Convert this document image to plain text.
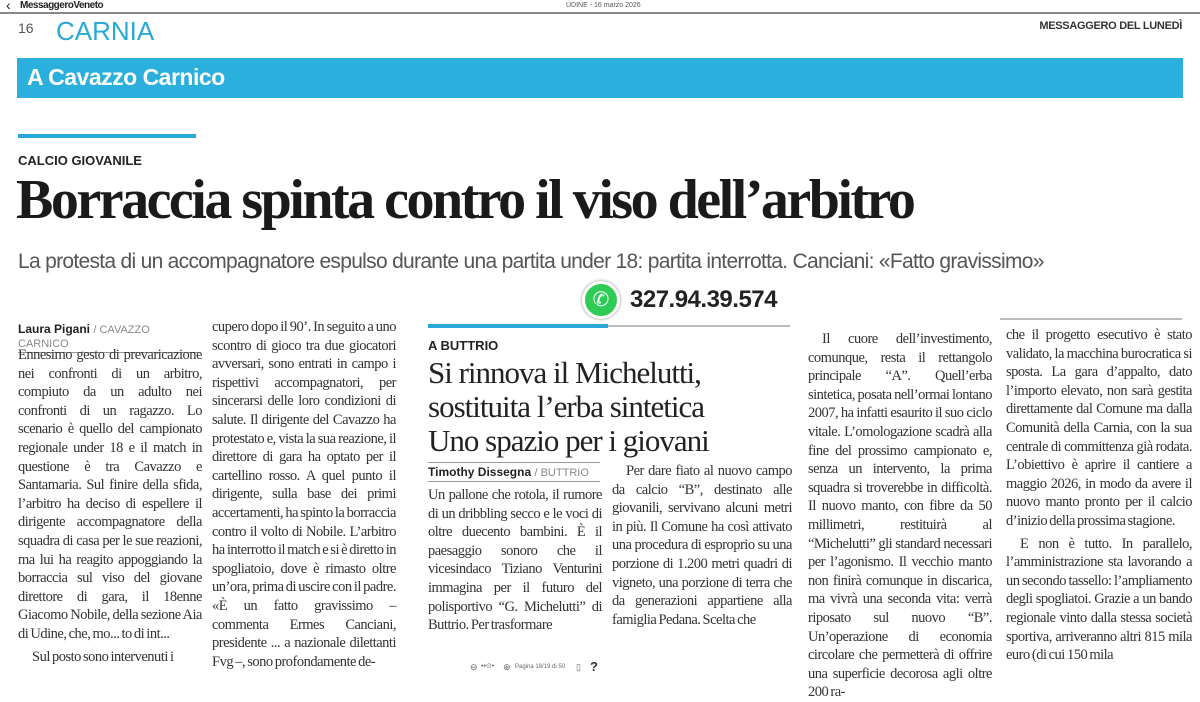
‹ MessaggeroVeneto	UDINE - 16 marzo 2026
16 CARNIA	MESSAGGERO DEL LUNEDÌ
A Cavazzo Carnico
CALCIO GIOVANILE
Borraccia spinta contro il viso dell’arbitro
La protesta di un accompagnatore espulso durante una partita under 18: partita interrotta. Canciani: «Fatto gravissimo»
✆ 327.94.39.574
Laura Pigani / CAVAZZO CARNICO
Ennesimo gesto di prevaricazione nei confronti di un arbitro, compiuto da un adulto nei confronti di un ragazzo. Lo scenario è quello del campionato regionale under 18 e il match in questione è tra Cavazzo e Santamaria. Sul finire della sfida, l’arbitro ha deciso di espellere il dirigente accompagnatore della squadra di casa per le sue reazioni, ma lui ha reagito appoggiando la borraccia sul viso del giovane direttore di gara, il 18enne Giacomo Nobile, della sezione Aia di Udine, che, mo... to di int...
Sul posto sono intervenuti i
cupero dopo il 90’. In seguito a uno scontro di gioco tra due giocatori avversari, sono entrati in campo i rispettivi accompagnatori, per sincerarsi delle loro condizioni di salute. Il dirigente del Cavazzo ha protestato e, vista la sua reazione, il direttore di gara ha optato per il cartellino rosso. A quel punto il dirigente, sulla base dei primi accertamenti, ha spinto la borraccia contro il volto di Nobile. L’arbitro ha interrotto il match e si è diretto in spogliatoio, dove è rimasto oltre un’ora, prima di uscire con il padre. «È un fatto gravissimo – commenta Ermes Canciani, presidente ... a nazionale dilettanti Fvg –, sono profondamente de-
A BUTTRIO
Si rinnova il Michelutti,
sostituita l’erba sintetica
Uno spazio per i giovani
Timothy Dissegna / BUTTRIO
Un pallone che rotola, il rumore di un dribbling secco e le voci di oltre duecento bambini. È il paesaggio sonoro che il vicesindaco Tiziano Venturini immagina per il futuro del polisportivo “G. Michelutti” di Buttrio. Per trasformare
Per dare fiato al nuovo campo da calcio “B”, destinato alle giovanili, servivano alcuni metri in più. Il Comune ha così attivato una procedura di esproprio su una porzione di 1.200 metri quadri di vigneto, una porzione di terra che da generazioni appartiene alla famiglia Pedana. Scelta che
Il cuore dell’investimento, comunque, resta il rettangolo principale “A”. Quell’erba sintetica, posata nell’ormai lontano 2007, ha infatti esaurito il suo ciclo vitale. L’omologazione scadrà alla fine del prossimo campionato e, senza un intervento, la prima squadra si troverebbe in difficoltà. Il nuovo manto, con fibre da 50 millimetri, restituirà al “Michelutti” gli standard necessari per l’agonismo. Il vecchio manto non finirà comunque in discarica, ma vivrà una seconda vita: verrà riposato sul nuovo “B”. Un’operazione di economia circolare che permetterà di offrire una superficie decorosa agli oltre 200 ra-
che il progetto esecutivo è stato validato, la macchina burocratica si sposta. La gara d’appalto, dato l’importo elevato, non sarà gestita direttamente dal Comune ma dalla Comunità della Carnia, con la sua centrale di committenza già rodata. L’obiettivo è aprire il cantiere a maggio 2026, in modo da avere il nuovo manto pronto per il calcio d’inizio della prossima stagione.
E non è tutto. In parallelo, l’amministrazione sta lavorando a un secondo tassello: l’ampliamento degli spogliatoi. Grazie a un bando regionale vinto dalla stessa società sportiva, arriveranno altri 815 mila euro (di cui 150 mila
⊖ ••⊙• ⊕ Pagina 18/19 di 50 ▯ ?
